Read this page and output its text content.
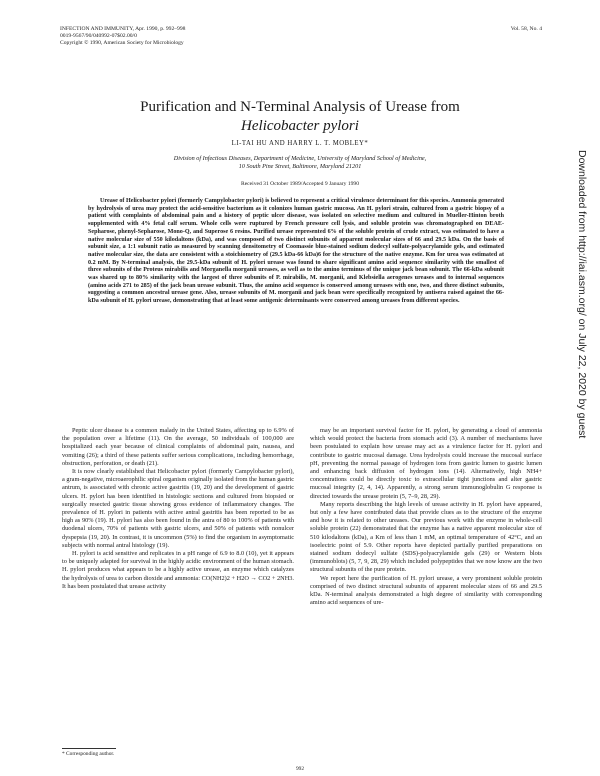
INFECTION AND IMMUNITY, Apr. 1990, p. 992–998
0019-9567/90/040992-07$02.00/0
Copyright © 1990, American Society for Microbiology
Vol. 58, No. 4
Purification and N-Terminal Analysis of Urease from
Helicobacter pylori
LI-TAI HU AND HARRY L. T. MOBLEY*
Division of Infectious Diseases, Department of Medicine, University of Maryland School of Medicine,
10 South Pine Street, Baltimore, Maryland 21201
Received 31 October 1989/Accepted 9 January 1990

Urease of Helicobacter pylori (formerly Campylobacter pylori) is believed to represent a critical virulence determinant for this species. Ammonia generated by hydrolysis of urea may protect the acid-sensitive bacterium as it colonizes human gastric mucosa. An H. pylori strain, cultured from a gastric biopsy of a patient with complaints of abdominal pain and a history of peptic ulcer disease, was isolated on selective medium and cultured in Mueller-Hinton broth supplemented with 4% fetal calf serum. Whole cells were ruptured by French pressure cell lysis, and soluble protein was chromatographed on DEAE-Sepharose, phenyl-Sepharose, Mono-Q, and Superose 6 resins. Purified urease represented 6% of the soluble protein of crude extract, was estimated to have a native molecular size of 550 kilodaltons (kDa), and was composed of two distinct subunits of apparent molecular sizes of 66 and 29.5 kDa. On the basis of subunit size, a 1:1 subunit ratio as measured by scanning densitometry of Coomassie blue-stained sodium dodecyl sulfate-polyacrylamide gels, and estimated native molecular size, the data are consistent with a stoichiometry of (29.5 kDa-66 kDa)6 for the structure of the native enzyme. Km for urea was estimated at 0.2 mM. By N-terminal analysis, the 29.5-kDa subunit of H. pylori urease was found to share significant amino acid sequence similarity with the smallest of three subunits of the Proteus mirabilis and Morganella morganii ureases, as well as to the amino terminus of the unique jack bean subunit. The 66-kDa subunit was shared up to 80% similarity with the largest of three subunits of P. mirabilis, M. morganii, and Klebsiella aerogenes ureases and to internal sequences (amino acids 271 to 285) of the jack bean urease subunit. Thus, the amino acid sequence is conserved among ureases with one, two, and three distinct subunits, suggesting a common ancestral urease gene. Also, urease subunits of M. morganii and jack bean were specifically recognized by antisera raised against the 66-kDa subunit of H. pylori urease, demonstrating that at least some antigenic determinants were conserved among ureases from different species.

Peptic ulcer disease is a common malady in the United States, affecting up to 6.9% of the population over a lifetime (11). On the average, 50 individuals of 100,000 are hospitalized each year because of clinical complaints of abdominal pain, nausea, and vomiting (26); a third of these patients suffer serious complications, including hemorrhage, obstruction, perforation, or death (21).

It is now clearly established that Helicobacter pylori (formerly Campylobacter pylori), a gram-negative, microaerophilic spiral organism originally isolated from the human gastric antrum, is associated with chronic active gastritis (19, 20) and the development of gastric ulcers. H. pylori has been identified in histologic sections and cultured from biopsied or surgically resected gastric tissue showing gross evidence of inflammatory changes. The prevalence of H. pylori in patients with active antral gastritis has been reported to be as high as 90% (19). H. pylori has also been found in the antra of 80 to 100% of patients with duodenal ulcers, 70% of patients with gastric ulcers, and 50% of patients with nonulcer dyspepsia (19, 20). In contrast, it is uncommon (5%) to find the organism in asymptomatic subjects with normal antral histology (19).

H. pylori is acid sensitive and replicates in a pH range of 6.9 to 8.0 (10), yet it appears to be uniquely adapted for survival in the highly acidic environment of the human stomach. H. pylori produces what appears to be a highly active urease, an enzyme which catalyzes the hydrolysis of urea to carbon dioxide and ammonia: CO(NH2)2 + H2O → CO2 + 2NH3. It has been postulated that urease activity

may be an important survival factor for H. pylori, by generating a cloud of ammonia which would protect the bacteria from stomach acid (3). A number of mechanisms have been postulated to explain how urease may act as a virulence factor for H. pylori and contribute to gastric mucosal damage. Urea hydrolysis could increase the mucosal surface pH, preventing the normal passage of hydrogen ions from gastric lumen to gastric lumen and enhancing back diffusion of hydrogen ions (14). Alternatively, high NH4+ concentrations could be directly toxic to extracellular tight junctions and alter gastric mucosal integrity (2, 4, 14). Apparently, a strong serum immunoglobulin G response is directed towards the urease protein (5, 7–9, 28, 29).

Many reports describing the high levels of urease activity in H. pylori have appeared, but only a few have contributed data that provide clues as to the structure of the enzyme and how it is related to other ureases. Our previous work with the enzyme in whole-cell soluble protein (22) demonstrated that the enzyme has a native apparent molecular size of 510 kilodaltons (kDa), a Km of less than 1 mM, an optimal temperature of 42°C, and an isoelectric point of 5.9. Other reports have depicted partially purified preparations on stained sodium dodecyl sulfate (SDS)-polyacrylamide gels (29) or Western blots (immunoblots) (5, 7, 9, 28, 29) which included polypeptides that we now know are the two structural subunits of the pure protein.

We report here the purification of H. pylori urease, a very prominent soluble protein comprised of two distinct structural subunits of apparent molecular sizes of 66 and 29.5 kDa. N-terminal analysis demonstrated a high degree of similarity with corresponding amino acid sequences of ure-

* Corresponding author.
992
Downloaded from http://iai.asm.org/ on July 22, 2020 by guest
